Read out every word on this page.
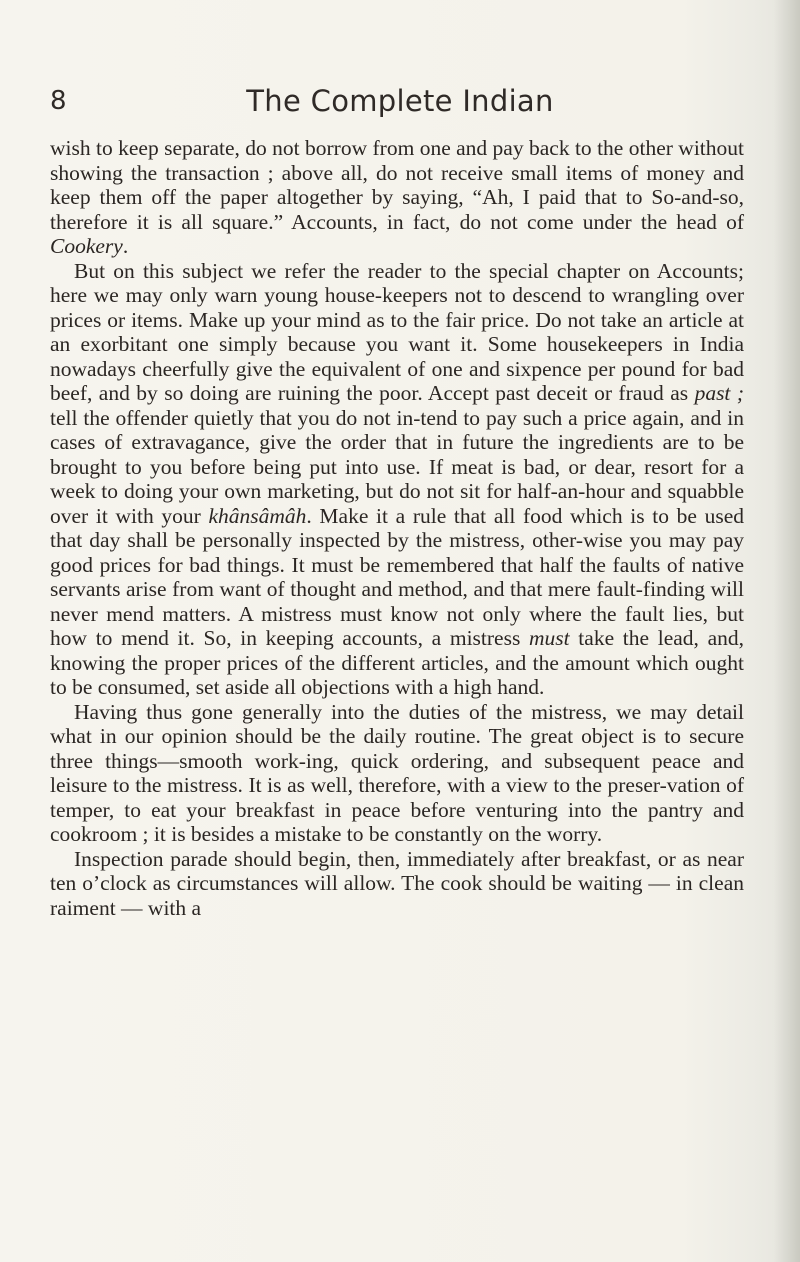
8	The Complete Indian

wish to keep separate, do not borrow from one and pay back to the other without showing the transaction ; above all, do not receive small items of money and keep them off the paper altogether by saying, “Ah, I paid that to So-and-so, therefore it is all square.” Accounts, in fact, do not come under the head of Cookery.

But on this subject we refer the reader to the special chapter on Accounts; here we may only warn young house-keepers not to descend to wrangling over prices or items. Make up your mind as to the fair price. Do not take an article at an exorbitant one simply because you want it. Some housekeepers in India nowadays cheerfully give the equivalent of one and sixpence per pound for bad beef, and by so doing are ruining the poor. Accept past deceit or fraud as past ; tell the offender quietly that you do not in-tend to pay such a price again, and in cases of extravagance, give the order that in future the ingredients are to be brought to you before being put into use. If meat is bad, or dear, resort for a week to doing your own marketing, but do not sit for half-an-hour and squabble over it with your khânsâmâh. Make it a rule that all food which is to be used that day shall be personally inspected by the mistress, other-wise you may pay good prices for bad things. It must be remembered that half the faults of native servants arise from want of thought and method, and that mere fault-finding will never mend matters. A mistress must know not only where the fault lies, but how to mend it. So, in keeping accounts, a mistress must take the lead, and, knowing the proper prices of the different articles, and the amount which ought to be consumed, set aside all objections with a high hand.

Having thus gone generally into the duties of the mistress, we may detail what in our opinion should be the daily routine. The great object is to secure three things—smooth work-ing, quick ordering, and subsequent peace and leisure to the mistress. It is as well, therefore, with a view to the preser-vation of temper, to eat your breakfast in peace before venturing into the pantry and cookroom ; it is besides a mistake to be constantly on the worry.

Inspection parade should begin, then, immediately after breakfast, or as near ten o’clock as circumstances will allow. The cook should be waiting — in clean raiment — with a
